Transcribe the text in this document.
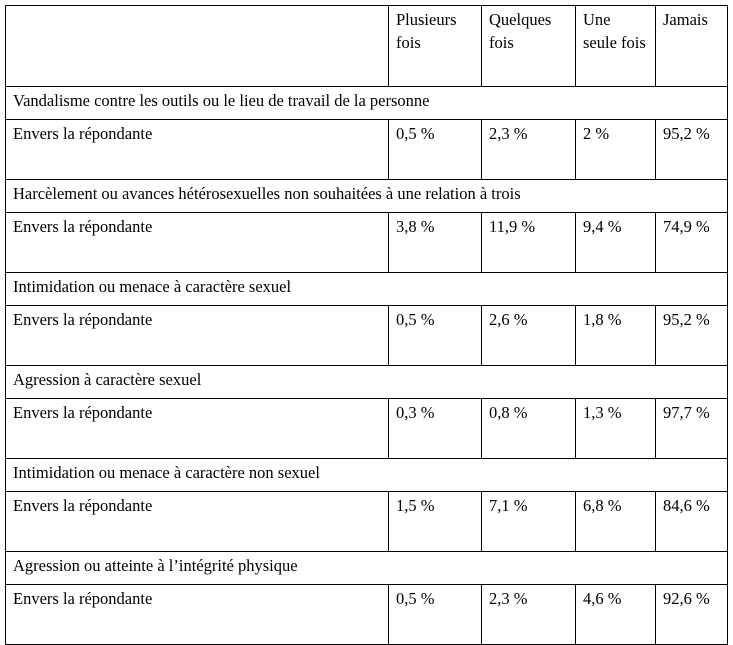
	Plusieurs fois	Quelques fois	Une seule fois	Jamais
Vandalisme contre les outils ou le lieu de travail de la personne				
Envers la répondante	0,5 %	2,3 %	2 %	95,2 %
Harcèlement ou avances hétérosexuelles non souhaitées à une relation à trois				
Envers la répondante	3,8 %	11,9 %	9,4 %	74,9 %
Intimidation ou menace à caractère sexuel				
Envers la répondante	0,5 %	2,6 %	1,8 %	95,2 %
Agression à caractère sexuel				
Envers la répondante	0,3 %	0,8 %	1,3 %	97,7 %
Intimidation ou menace à caractère non sexuel				
Envers la répondante	1,5 %	7,1 %	6,8 %	84,6 %
Agression ou atteinte à l’intégrité physique				
Envers la répondante	0,5 %	2,3 %	4,6 %	92,6 %
